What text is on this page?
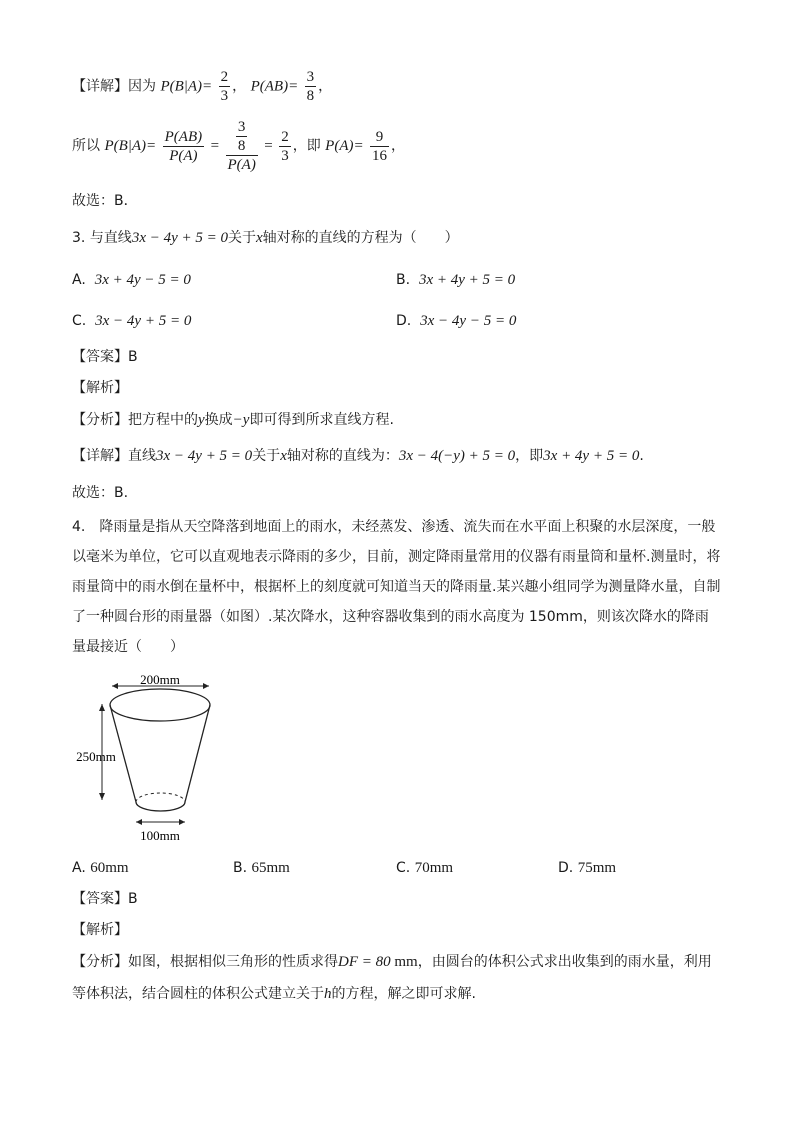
【详解】因为 $P(B|A)= \frac{2}{3}$ ， $P(AB)= \frac{3}{8}$ ，
所以 $P(B|A)= \frac{P(AB)}{P(A)} = \frac{\frac{3}{8}}{P(A)} = \frac{2}{3}$ ，即 $P(A)= \frac{9}{16}$ ，
故选：B．
3. 与直线3x − 4y + 5 = 0关于x轴对称的直线的方程为（　　）
A. 3x + 4y − 5 = 0	B. 3x + 4y + 5 = 0
C. 3x − 4y + 5 = 0	D. 3x − 4y − 5 = 0
【答案】B
【解析】
【分析】把方程中的y换成−y即可得到所求直线方程.
【详解】直线3x − 4y + 5 = 0关于x轴对称的直线为：3x − 4(−y) + 5 = 0，即3x + 4y + 5 = 0.
故选：B.
4.　降雨量是指从天空降落到地面上的雨水，未经蒸发、渗透、流失而在水平面上积聚的水层深度，一般以毫米为单位，它可以直观地表示降雨的多少，目前，测定降雨量常用的仪器有雨量筒和量杯.测量时，将雨量筒中的雨水倒在量杯中，根据杯上的刻度就可知道当天的降雨量.某兴趣小组同学为测量降水量，自制了一种圆台形的雨量器（如图）.某次降水，这种容器收集到的雨水高度为 150mm，则该次降水的降雨量最接近（　　）
200mm
250mm
100mm
A. 60mm	B. 65mm	C. 70mm	D. 75mm
【答案】B
【解析】
【分析】如图，根据相似三角形的性质求得DF = 80 mm，由圆台的体积公式求出收集到的雨水量，利用等体积法，结合圆柱的体积公式建立关于h的方程，解之即可求解.
